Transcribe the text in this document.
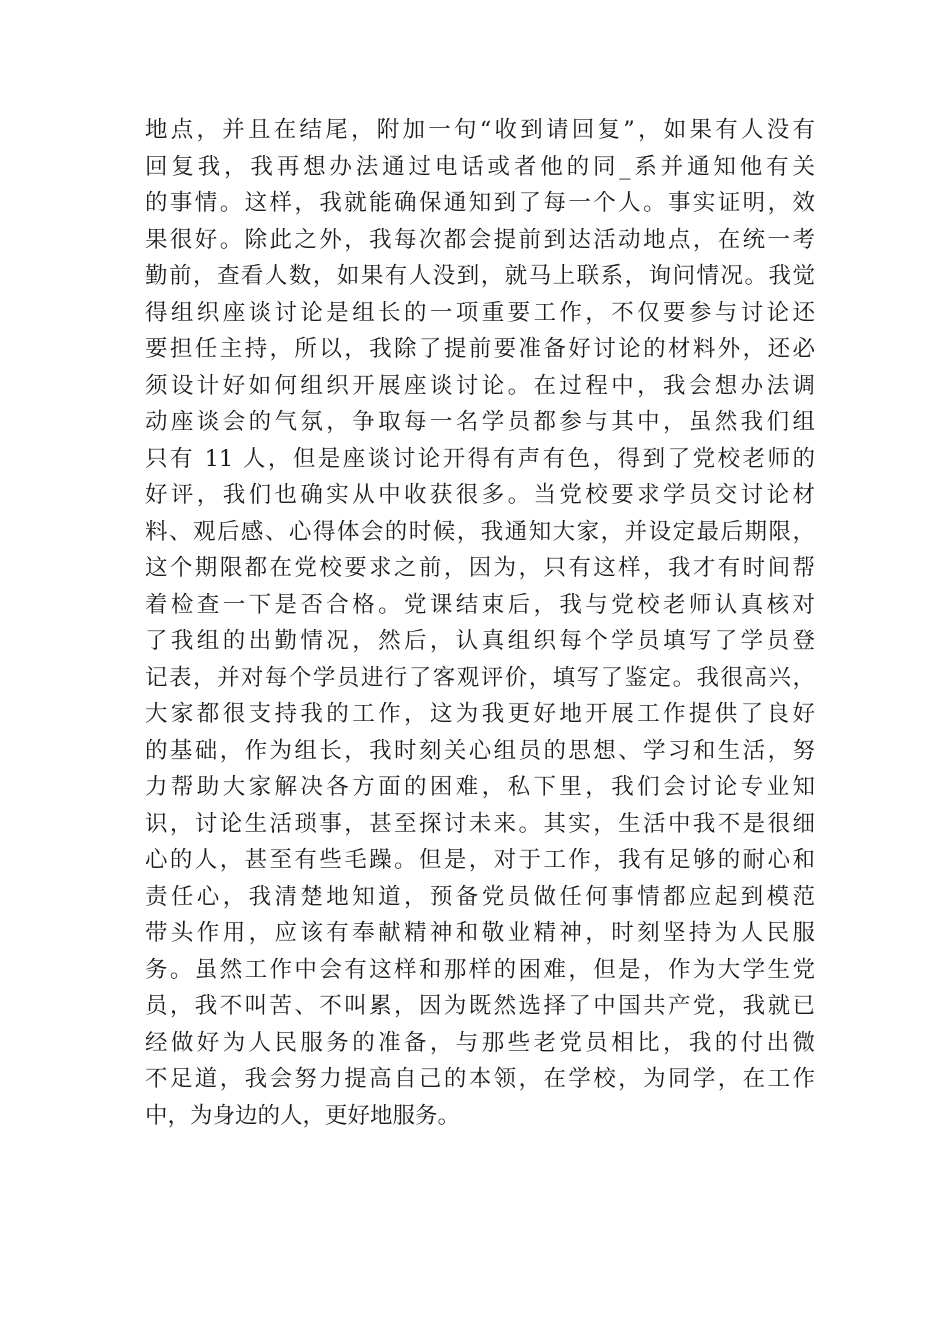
地点，并且在结尾，附加一句“收到请回复”，如果有人没有
回复我，我再想办法通过电话或者他的同_系并通知他有关
的事情。这样，我就能确保通知到了每一个人。事实证明，效
果很好。除此之外，我每次都会提前到达活动地点，在统一考
勤前，查看人数，如果有人没到，就马上联系，询问情况。我觉
得组织座谈讨论是组长的一项重要工作，不仅要参与讨论还
要担任主持，所以，我除了提前要准备好讨论的材料外，还必
须设计好如何组织开展座谈讨论。在过程中，我会想办法调
动座谈会的气氛，争取每一名学员都参与其中，虽然我们组
只有 11 人，但是座谈讨论开得有声有色，得到了党校老师的
好评，我们也确实从中收获很多。当党校要求学员交讨论材
料、观后感、心得体会的时候，我通知大家，并设定最后期限，
这个期限都在党校要求之前，因为，只有这样，我才有时间帮
着检查一下是否合格。党课结束后，我与党校老师认真核对
了我组的出勤情况，然后，认真组织每个学员填写了学员登
记表，并对每个学员进行了客观评价，填写了鉴定。我很高兴，
大家都很支持我的工作，这为我更好地开展工作提供了良好
的基础，作为组长，我时刻关心组员的思想、学习和生活，努
力帮助大家解决各方面的困难，私下里，我们会讨论专业知
识，讨论生活琐事，甚至探讨未来。其实，生活中我不是很细
心的人，甚至有些毛躁。但是，对于工作，我有足够的耐心和
责任心，我清楚地知道，预备党员做任何事情都应起到模范
带头作用，应该有奉献精神和敬业精神，时刻坚持为人民服
务。虽然工作中会有这样和那样的困难，但是，作为大学生党
员，我不叫苦、不叫累，因为既然选择了中国共产党，我就已
经做好为人民服务的准备，与那些老党员相比，我的付出微
不足道，我会努力提高自己的本领，在学校，为同学，在工作
中，为身边的人，更好地服务。
